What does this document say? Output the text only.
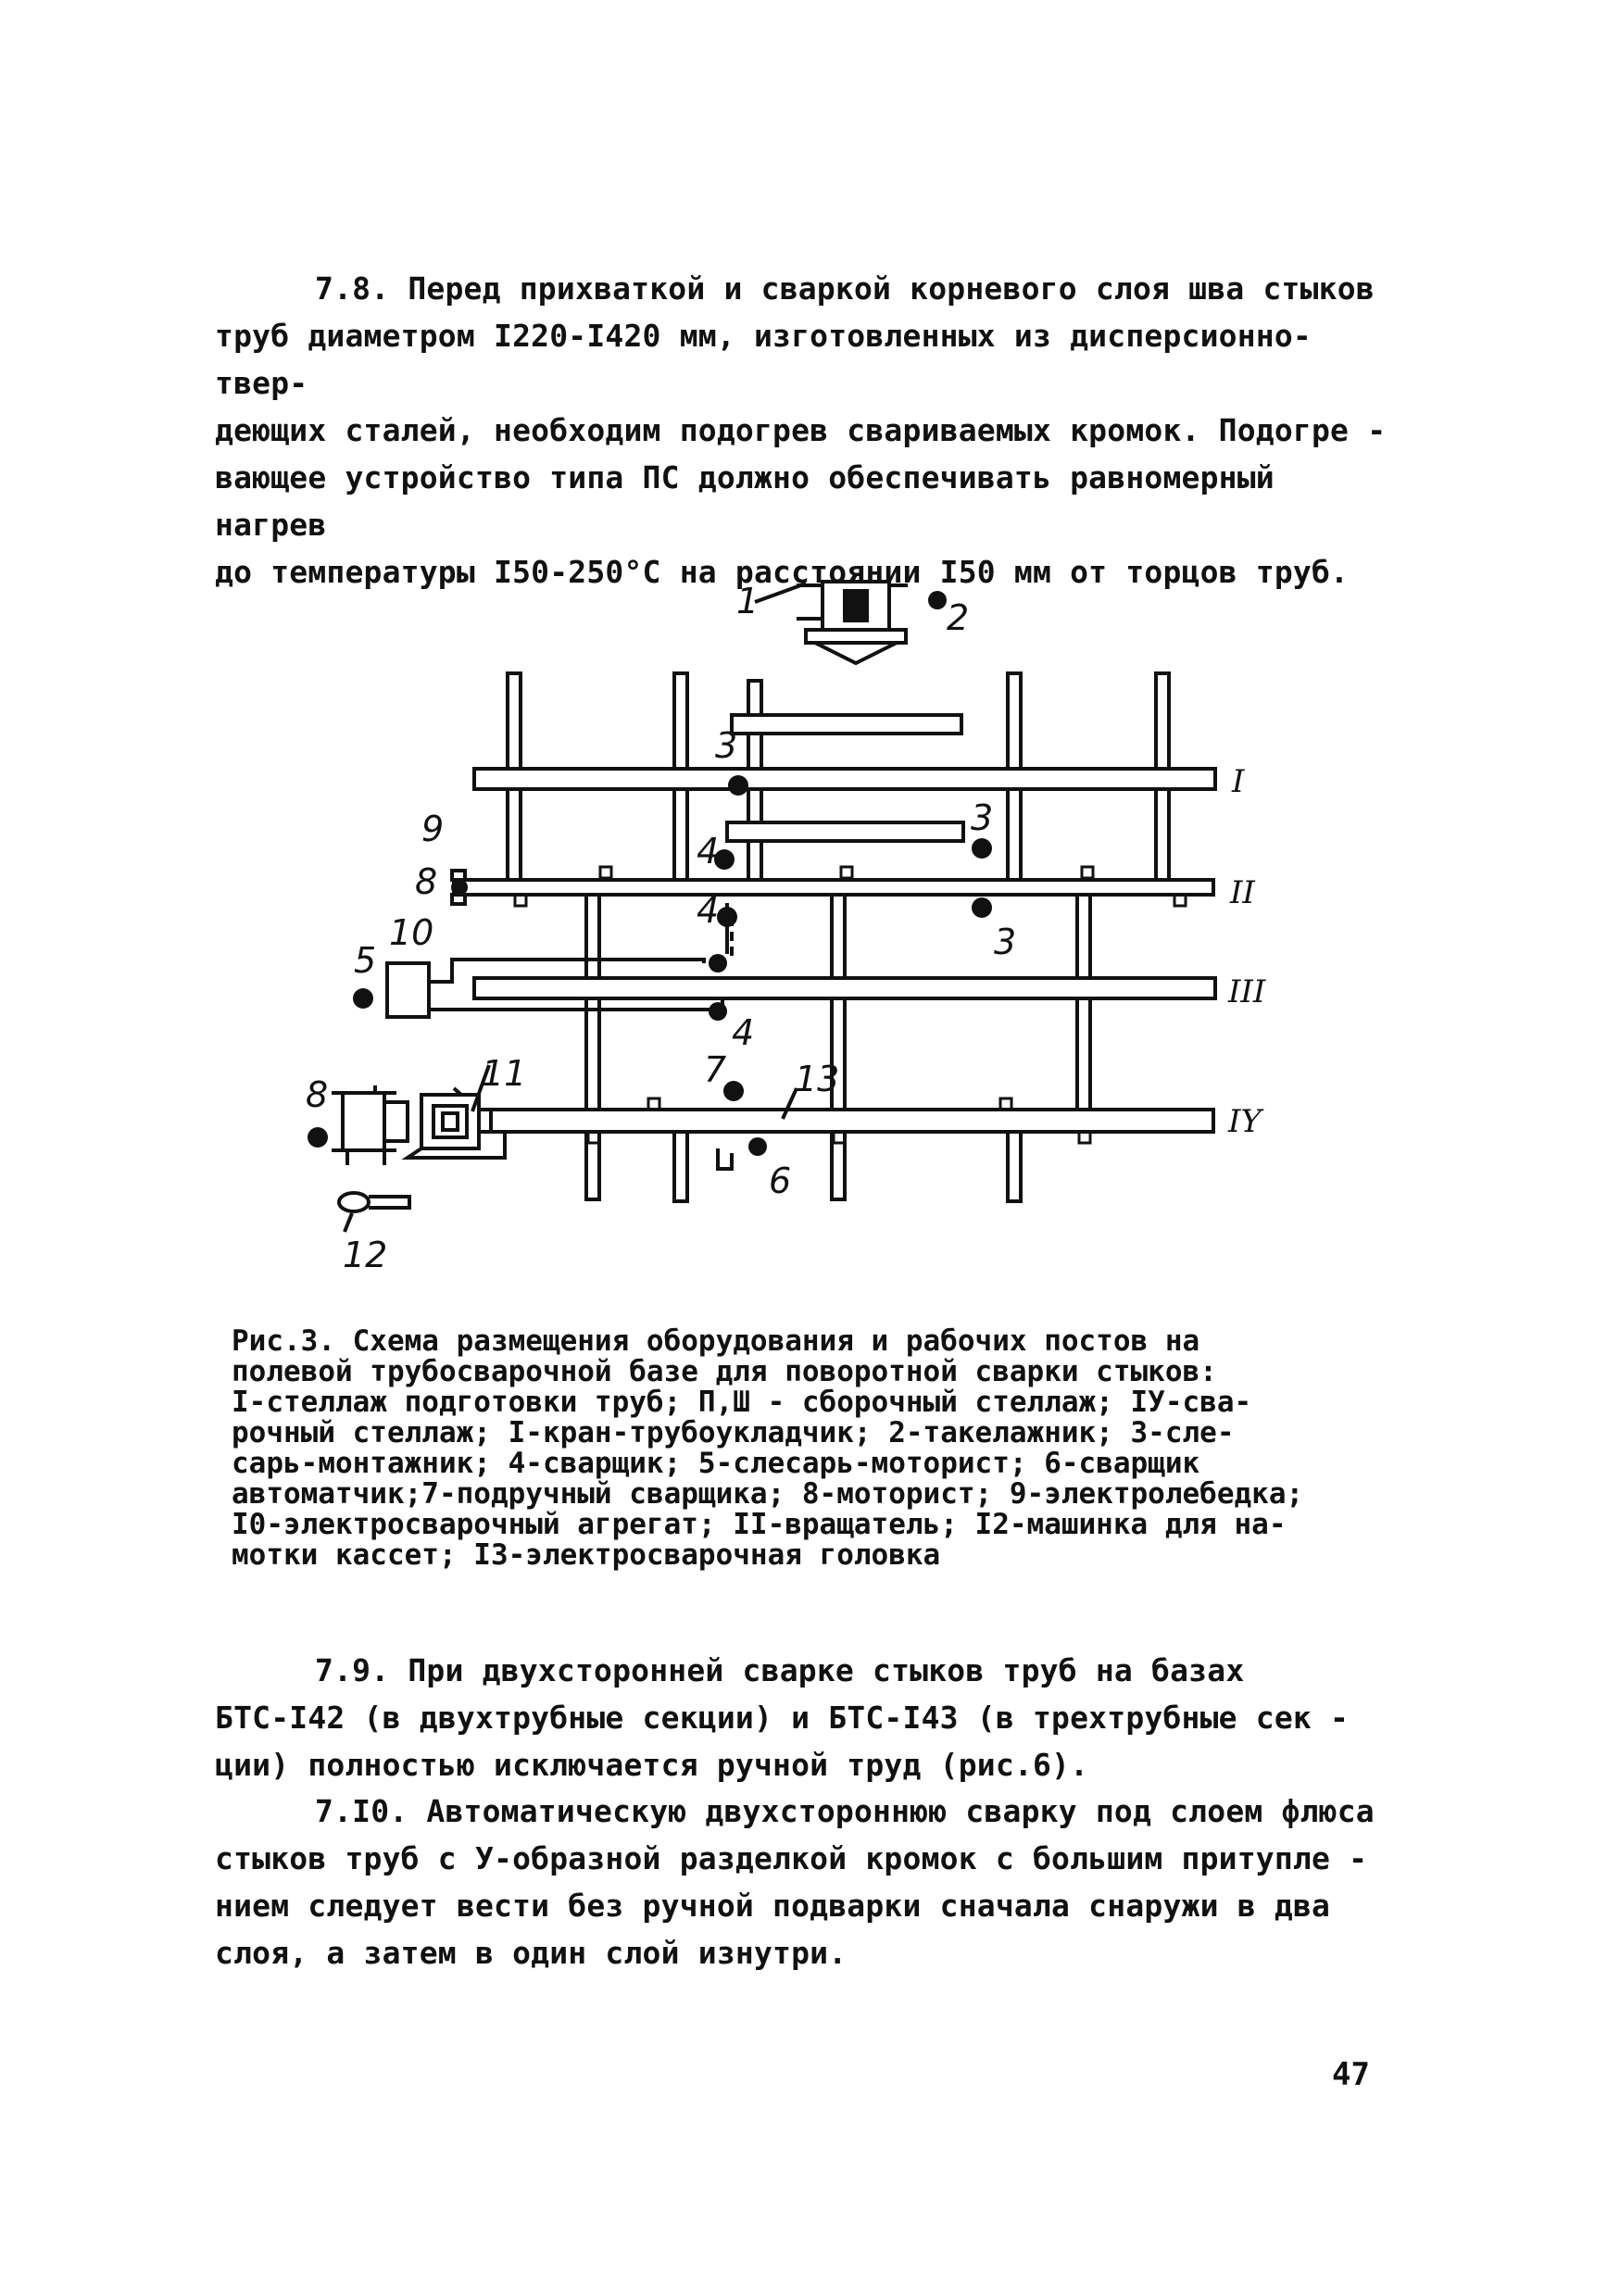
7.8. Перед прихваткой и сваркой корневого слоя шва стыков
труб диаметром I220-I420 мм, изготовленных из дисперсионно-твер-
деющих сталей, необходим подогрев свариваемых кромок. Подогре -
вающее устройство типа ПС должно обеспечивать равномерный нагрев
до температуры I50-250°С на расстоянии I50 мм от торцов труб.
1	2
3
3
3
4
4
4
5
6
7
8
8
9
10
11
12
13
I
II
III
IY
Рис.3. Схема размещения оборудования и рабочих постов на
полевой трубосварочной базе для поворотной сварки стыков:
I-стеллаж подготовки труб; П,Ш - сборочный стеллаж; IУ-сва-
рочный стеллаж; I-кран-трубоукладчик; 2-такелажник; 3-сле-
сарь-монтажник; 4-сварщик; 5-слесарь-моторист; 6-сварщик
автоматчик;7-подручный сварщика; 8-моторист; 9-электролебедка;
I0-электросварочный агрегат; II-вращатель; I2-машинка для на-
мотки кассет; I3-электросварочная головка
7.9. При двухсторонней сварке стыков труб на базах
БТС-I42 (в двухтрубные секции) и БТС-I43 (в трехтрубные сек -
ции) полностью исключается ручной труд (рис.6).
7.I0. Автоматическую двухстороннюю сварку под слоем флюса
стыков труб с У-образной разделкой кромок с большим притупле -
нием следует вести без ручной подварки сначала снаружи в два
слоя, а затем в один слой изнутри.
47
